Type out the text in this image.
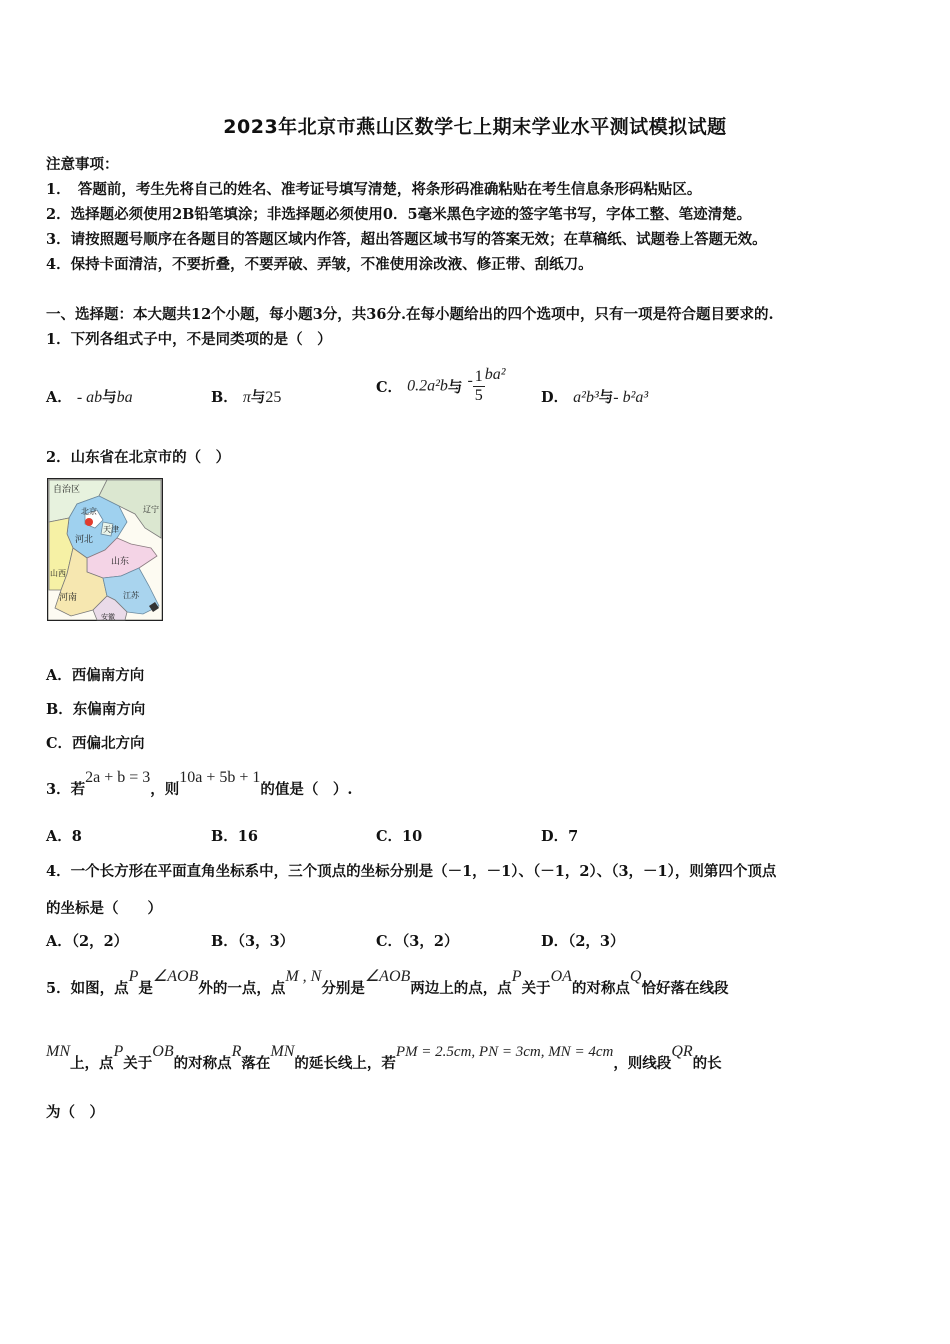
2023年北京市燕山区数学七上期末学业水平测试模拟试题
注意事项：
1．　答题前，考生先将自己的姓名、准考证号填写清楚，将条形码准确粘贴在考生信息条形码粘贴区。
2．选择题必须使用2B铅笔填涂；非选择题必须使用0．5毫米黑色字迹的签字笔书写，字体工整、笔迹清楚。
3．请按照题号顺序在各题目的答题区域内作答，超出答题区域书写的答案无效；在草稿纸、试题卷上答题无效。
4．保持卡面清洁，不要折叠，不要弄破、弄皱，不准使用涂改液、修正带、刮纸刀。
一、选择题：本大题共12个小题，每小题3分，共36分.在每小题给出的四个选项中，只有一项是符合题目要求的.
1．下列各组式子中，不是同类项的是（　）
A． - ab与ba	B． π与25
C． 0.2a²b与 - $\frac{1}{5} ba^2$
D． a²b³与- b²a³
2．山东省在北京市的（　）
自治区
北京
天津
辽宁
河北
山东
山西
河南	江苏
安徽
A．西偏南方向
B．东偏南方向
C．西偏北方向
3．若2a + b = 3，则10a + 5b + 1的值是（　）.
A．8	B．16	C．10	D．7
4．一个长方形在平面直角坐标系中，三个顶点的坐标分别是（－1，－1）、（－1，2）、（3，－1），则第四个顶点
的坐标是（　　）
A．（2，2）	B．（3，3）	C．（3，2）	D．（2，3）
5．如图，点P是∠AOB外的一点，点M , N分别是∠AOB两边上的点，点P关于OA的对称点Q恰好落在线段
MN上，点P关于OB的对称点R落在MN的延长线上，若PM = 2.5cm, PN = 3cm, MN = 4cm，则线段QR的长
为（　）
